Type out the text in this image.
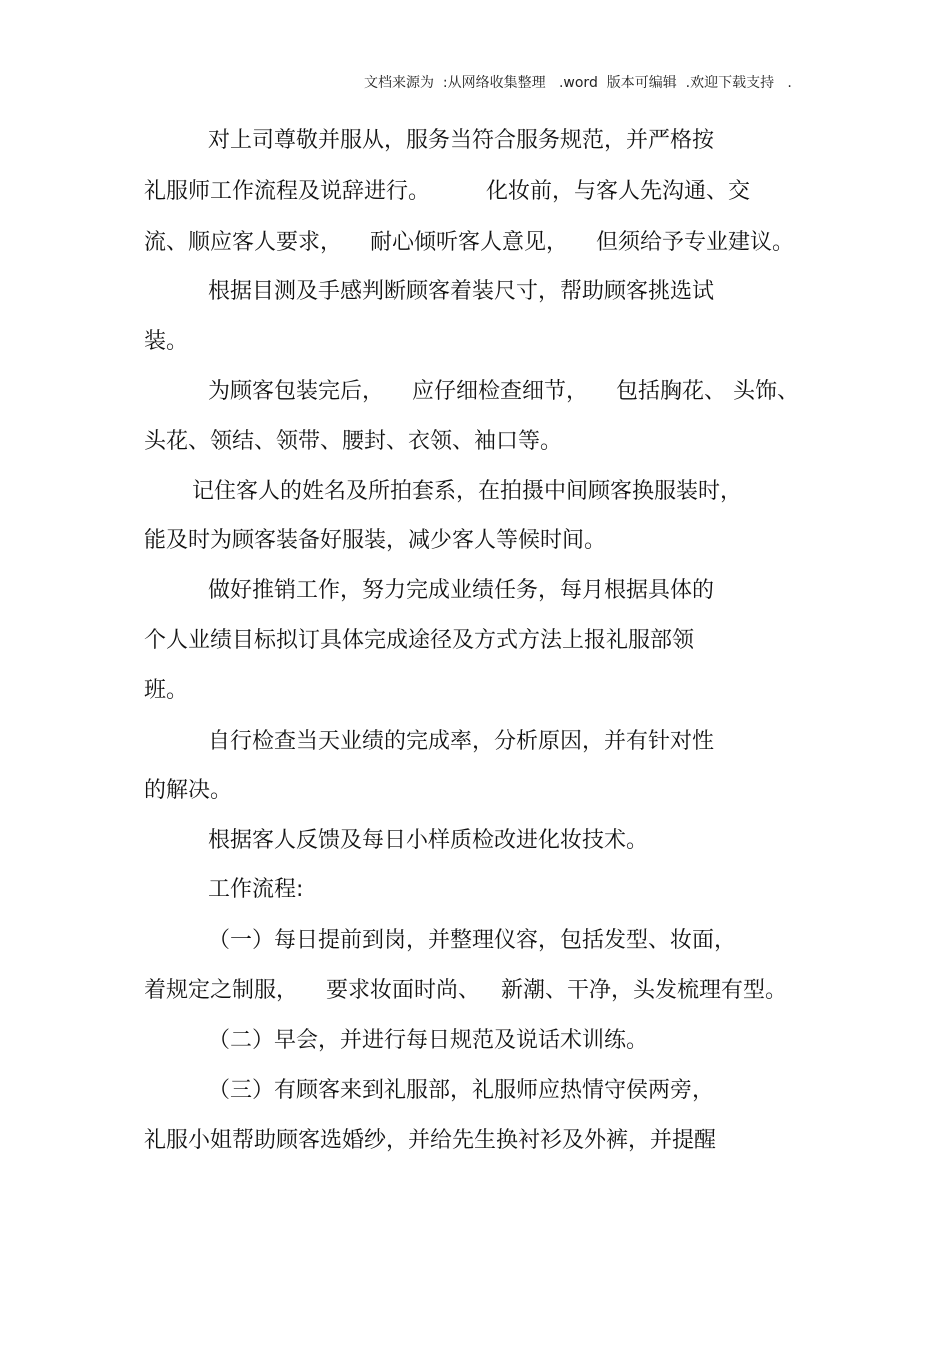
文档来源为  :从网络收集整理   .word  版本可编辑  .欢迎下载支持   .
对上司尊敬并服从，服务当符合服务规范，并严格按
礼服师工作流程及说辞进行。        化妆前，与客人先沟通、交
流、顺应客人要求，    耐心倾听客人意见，    但须给予专业建议。
根据目测及手感判断顾客着装尺寸，帮助顾客挑选试
装。
为顾客包装完后，    应仔细检查细节，    包括胸花、 头饰、
头花、领结、领带、腰封、衣领、袖口等。
记住客人的姓名及所拍套系，在拍摄中间顾客换服装时，
能及时为顾客装备好服装，减少客人等候时间。
做好推销工作，努力完成业绩任务，每月根据具体的
个人业绩目标拟订具体完成途径及方式方法上报礼服部领
班。
自行检查当天业绩的完成率，分析原因，并有针对性
的解决。
根据客人反馈及每日小样质检改进化妆技术。
工作流程:
（一）每日提前到岗，并整理仪容，包括发型、妆面，
着规定之制服，    要求妆面时尚、   新潮、干净，头发梳理有型。
（二）早会，并进行每日规范及说话术训练。
（三）有顾客来到礼服部，礼服师应热情守侯两旁，
礼服小姐帮助顾客选婚纱，并给先生换衬衫及外裤，并提醒
